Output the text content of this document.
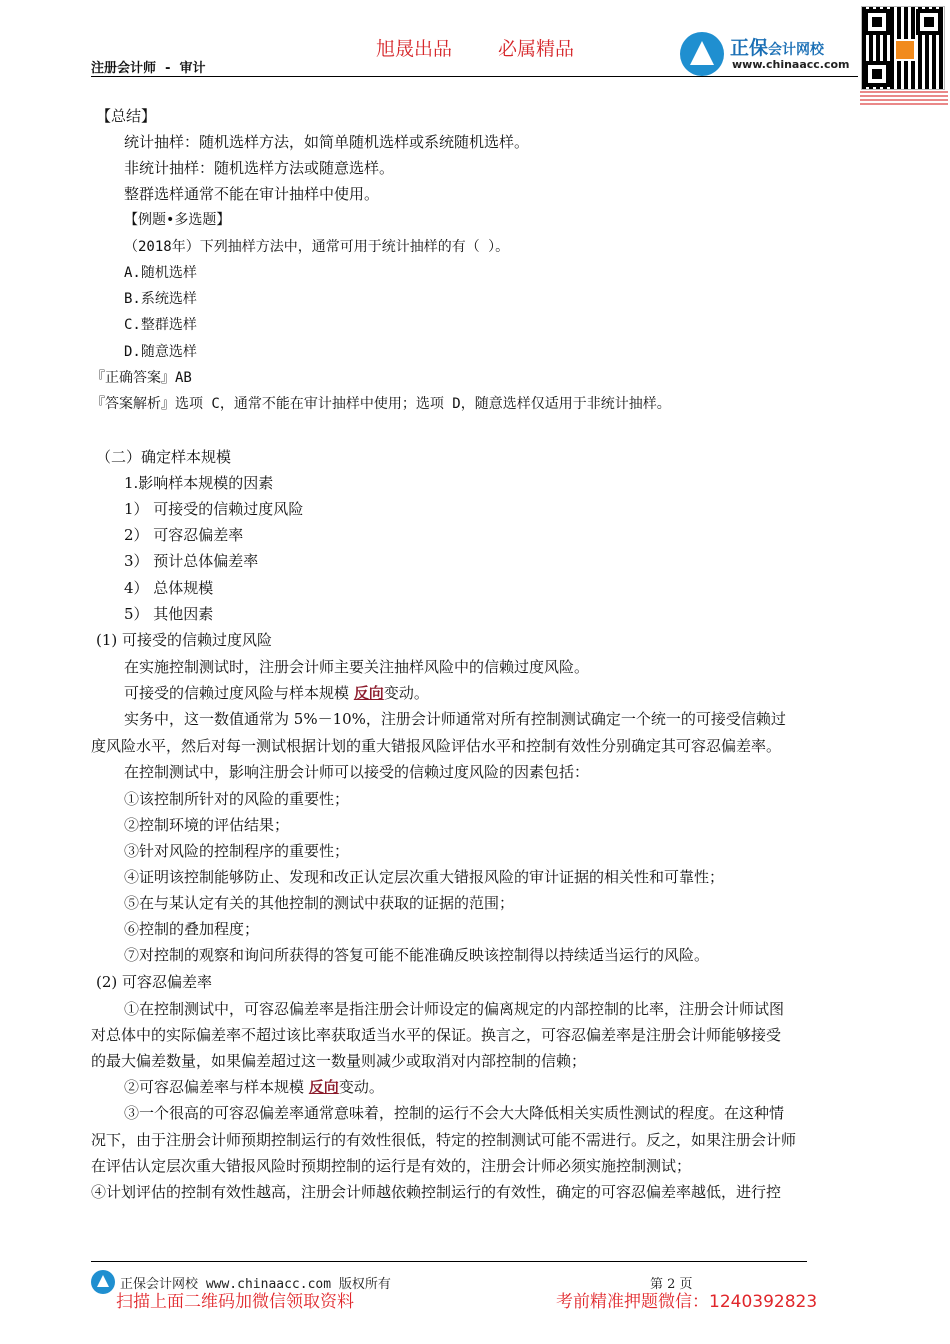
旭晟出品 必属精品
注册会计师 - 审计
正保会计网校
www.chinaacc.com
【总结】
统计抽样：随机选样方法，如简单随机选样或系统随机选样。
非统计抽样：随机选样方法或随意选样。
整群选样通常不能在审计抽样中使用。
【例题•多选题】
（2018年）下列抽样方法中，通常可用于统计抽样的有（ ）。
A.随机选样
B.系统选样
C.整群选样
D.随意选样
『正确答案』AB
『答案解析』选项 C，通常不能在审计抽样中使用；选项 D，随意选样仅适用于非统计抽样。
（二）确定样本规模
1.影响样本规模的因素
1） 可接受的信赖过度风险
2） 可容忍偏差率
3） 预计总体偏差率
4） 总体规模
5） 其他因素
(1) 可接受的信赖过度风险
在实施控制测试时，注册会计师主要关注抽样风险中的信赖过度风险。
可接受的信赖过度风险与样本规模 反向变动。
实务中，这一数值通常为 5%－10%，注册会计师通常对所有控制测试确定一个统一的可接受信赖过
度风险水平，然后对每一测试根据计划的重大错报风险评估水平和控制有效性分别确定其可容忍偏差率。
在控制测试中，影响注册会计师可以接受的信赖过度风险的因素包括：
①该控制所针对的风险的重要性；
②控制环境的评估结果；
③针对风险的控制程序的重要性；
④证明该控制能够防止、发现和改正认定层次重大错报风险的审计证据的相关性和可靠性；
⑤在与某认定有关的其他控制的测试中获取的证据的范围；
⑥控制的叠加程度；
⑦对控制的观察和询问所获得的答复可能不能准确反映该控制得以持续适当运行的风险。
(2) 可容忍偏差率
①在控制测试中，可容忍偏差率是指注册会计师设定的偏离规定的内部控制的比率，注册会计师试图
对总体中的实际偏差率不超过该比率获取适当水平的保证。换言之，可容忍偏差率是注册会计师能够接受
的最大偏差数量，如果偏差超过这一数量则减少或取消对内部控制的信赖；
②可容忍偏差率与样本规模 反向变动。
③一个很高的可容忍偏差率通常意味着，控制的运行不会大大降低相关实质性测试的程度。在这种情
况下，由于注册会计师预期控制运行的有效性很低，特定的控制测试可能不需进行。反之，如果注册会计师
在评估认定层次重大错报风险时预期控制的运行是有效的，注册会计师必须实施控制测试；
④计划评估的控制有效性越高，注册会计师越依赖控制运行的有效性，确定的可容忍偏差率越低，进行控
正保会计网校 www.chinaacc.com 版权所有	第 2 页
扫描上面二维码加微信领取资料	考前精准押题微信：1240392823
